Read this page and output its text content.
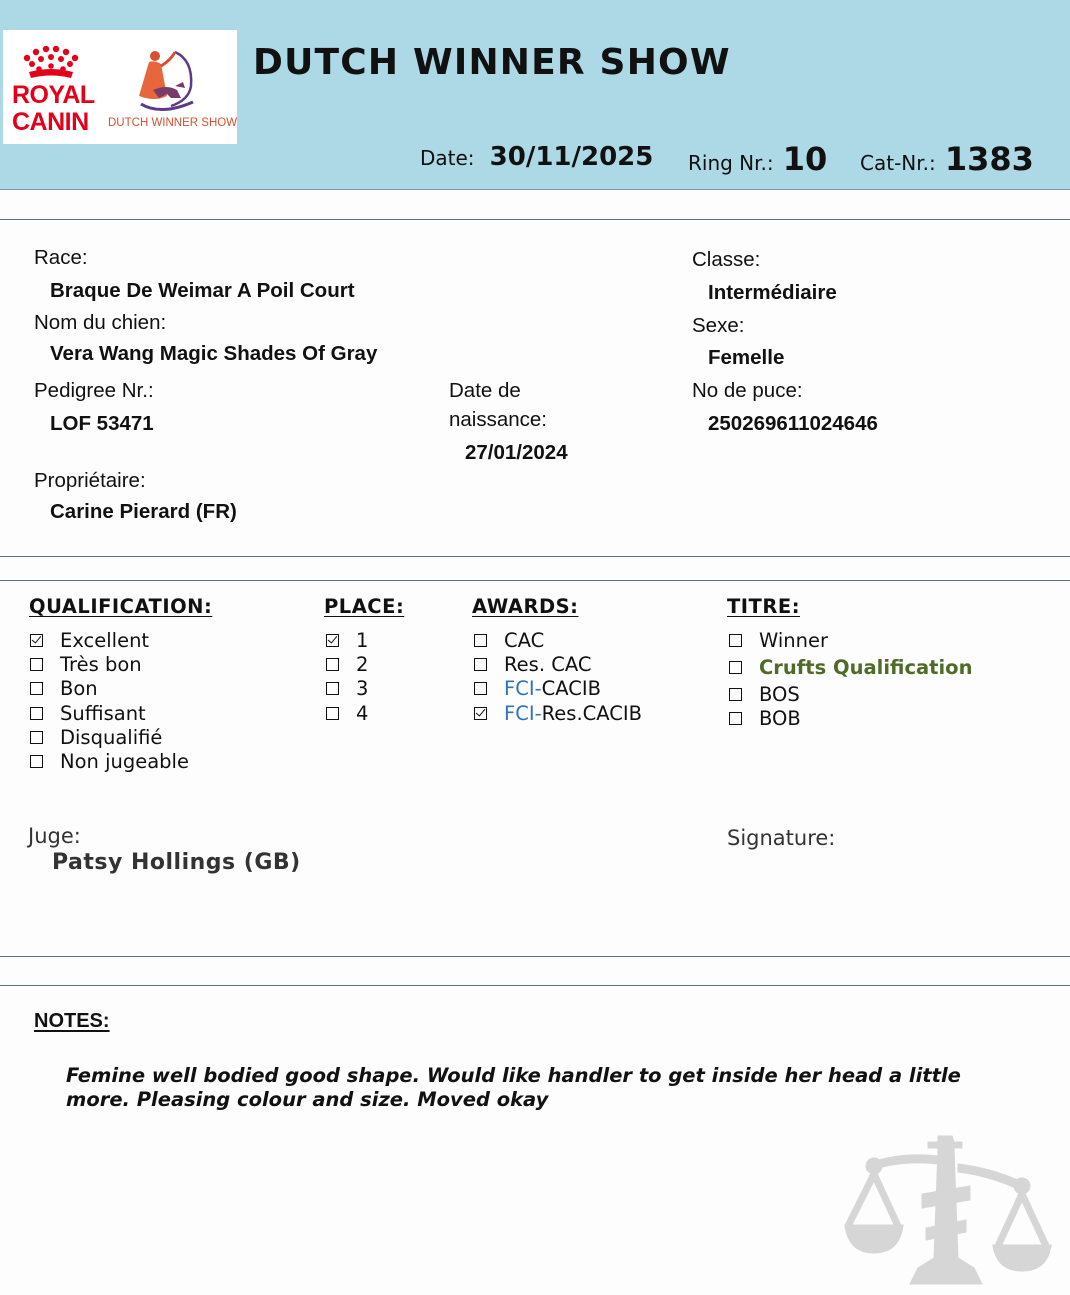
ROYAL
CANIN	DUTCH WINNER SHOW
DUTCH WINNER SHOW
Date: 30/11/2025 Ring Nr.: 10 Cat-Nr.: 1383
Race:
Braque De Weimar A Poil Court
Nom du chien:
Vera Wang Magic Shades Of Gray
Pedigree Nr.:
LOF 53471
Propriétaire:
Carine Pierard (FR)
Date de
naissance:
27/01/2024
Classe:
Intermédiaire
Sexe:
Femelle
No de puce:
250269611024646
QUALIFICATION:	PLACE:	AWARDS:	TITRE:
Excellent
Très bon
Bon
Suffisant
Disqualifié
Non jugeable
1
2
3
4
CAC
Res. CAC
FCI- CACIB
FCI- Res.CACIB
Winner
Crufts Qualification
BOS
BOB
Juge:
Patsy Hollings (GB)
Signature:
NOTES:
Femine well bodied good shape. Would like handler to get inside her head a little more. Pleasing colour and size. Moved okay
